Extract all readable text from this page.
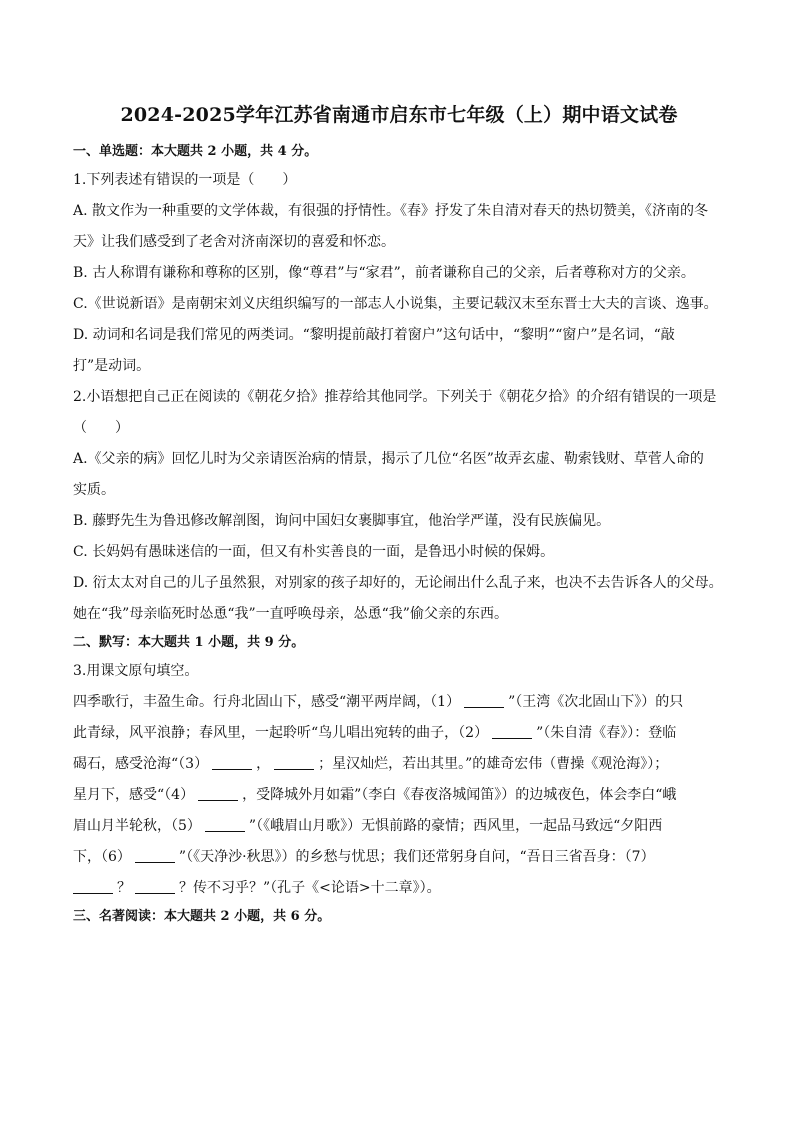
2024-2025学年江苏省南通市启东市七年级（上）期中语文试卷

一、单选题：本大题共 2 小题，共 4 分。

1.下列表述有错误的一项是（　　）

A. 散文作为一种重要的文学体裁，有很强的抒情性。《春》抒发了朱自清对春天的热切赞美，《济南的冬

天》让我们感受到了老舍对济南深切的喜爱和怀恋。

B. 古人称谓有谦称和尊称的区别，像“尊君”与“家君”，前者谦称自己的父亲，后者尊称对方的父亲。

C.《世说新语》是南朝宋刘义庆组织编写的一部志人小说集，主要记载汉末至东晋士大夫的言谈、逸事。

D. 动词和名词是我们常见的两类词。“黎明提前敲打着窗户”这句话中，“黎明”“窗户”是名词，“敲

打”是动词。

2.小语想把自己正在阅读的《朝花夕拾》推荐给其他同学。下列关于《朝花夕拾》的介绍有错误的一项是

（　　）

A.《父亲的病》回忆儿时为父亲请医治病的情景，揭示了几位“名医”故弄玄虚、勒索钱财、草菅人命的

实质。

B. 藤野先生为鲁迅修改解剖图，询问中国妇女裹脚事宜，他治学严谨，没有民族偏见。

C. 长妈妈有愚昧迷信的一面，但又有朴实善良的一面，是鲁迅小时候的保姆。

D. 衍太太对自己的儿子虽然狠，对别家的孩子却好的，无论闹出什么乱子来，也决不去告诉各人的父母。

她在“我”母亲临死时怂恿“我”一直呼唤母亲，怂恿“我”偷父亲的东西。

二、默写：本大题共 1 小题，共 9 分。

3.用课文原句填空。

四季歌行，丰盈生命。行舟北固山下，感受“潮平两岸阔，（1）	”（王湾《次北固山下》）的只

此青绿，风平浪静；春风里，一起聆听“鸟儿唱出宛转的曲子，（2）	”（朱自清《春》）：登临

碣石，感受沧海“（3）	，	；星汉灿烂，若出其里。”的雄奇宏伟（曹操《观沧海》）；

星月下，感受“（4）	，受降城外月如霜”（李白《春夜洛城闻笛》）的边城夜色，体会李白“峨

眉山月半轮秋，（5）	”（《峨眉山月歌》）无惧前路的豪情；西风里，一起品马致远“夕阳西

下，（6）	”（《天净沙·秋思》）的乡愁与忧思；我们还常躬身自问，“吾日三省吾身：（7）

？	？传不习乎？”（孔子《<论语>十二章》）。

三、名著阅读：本大题共 2 小题，共 6 分。
